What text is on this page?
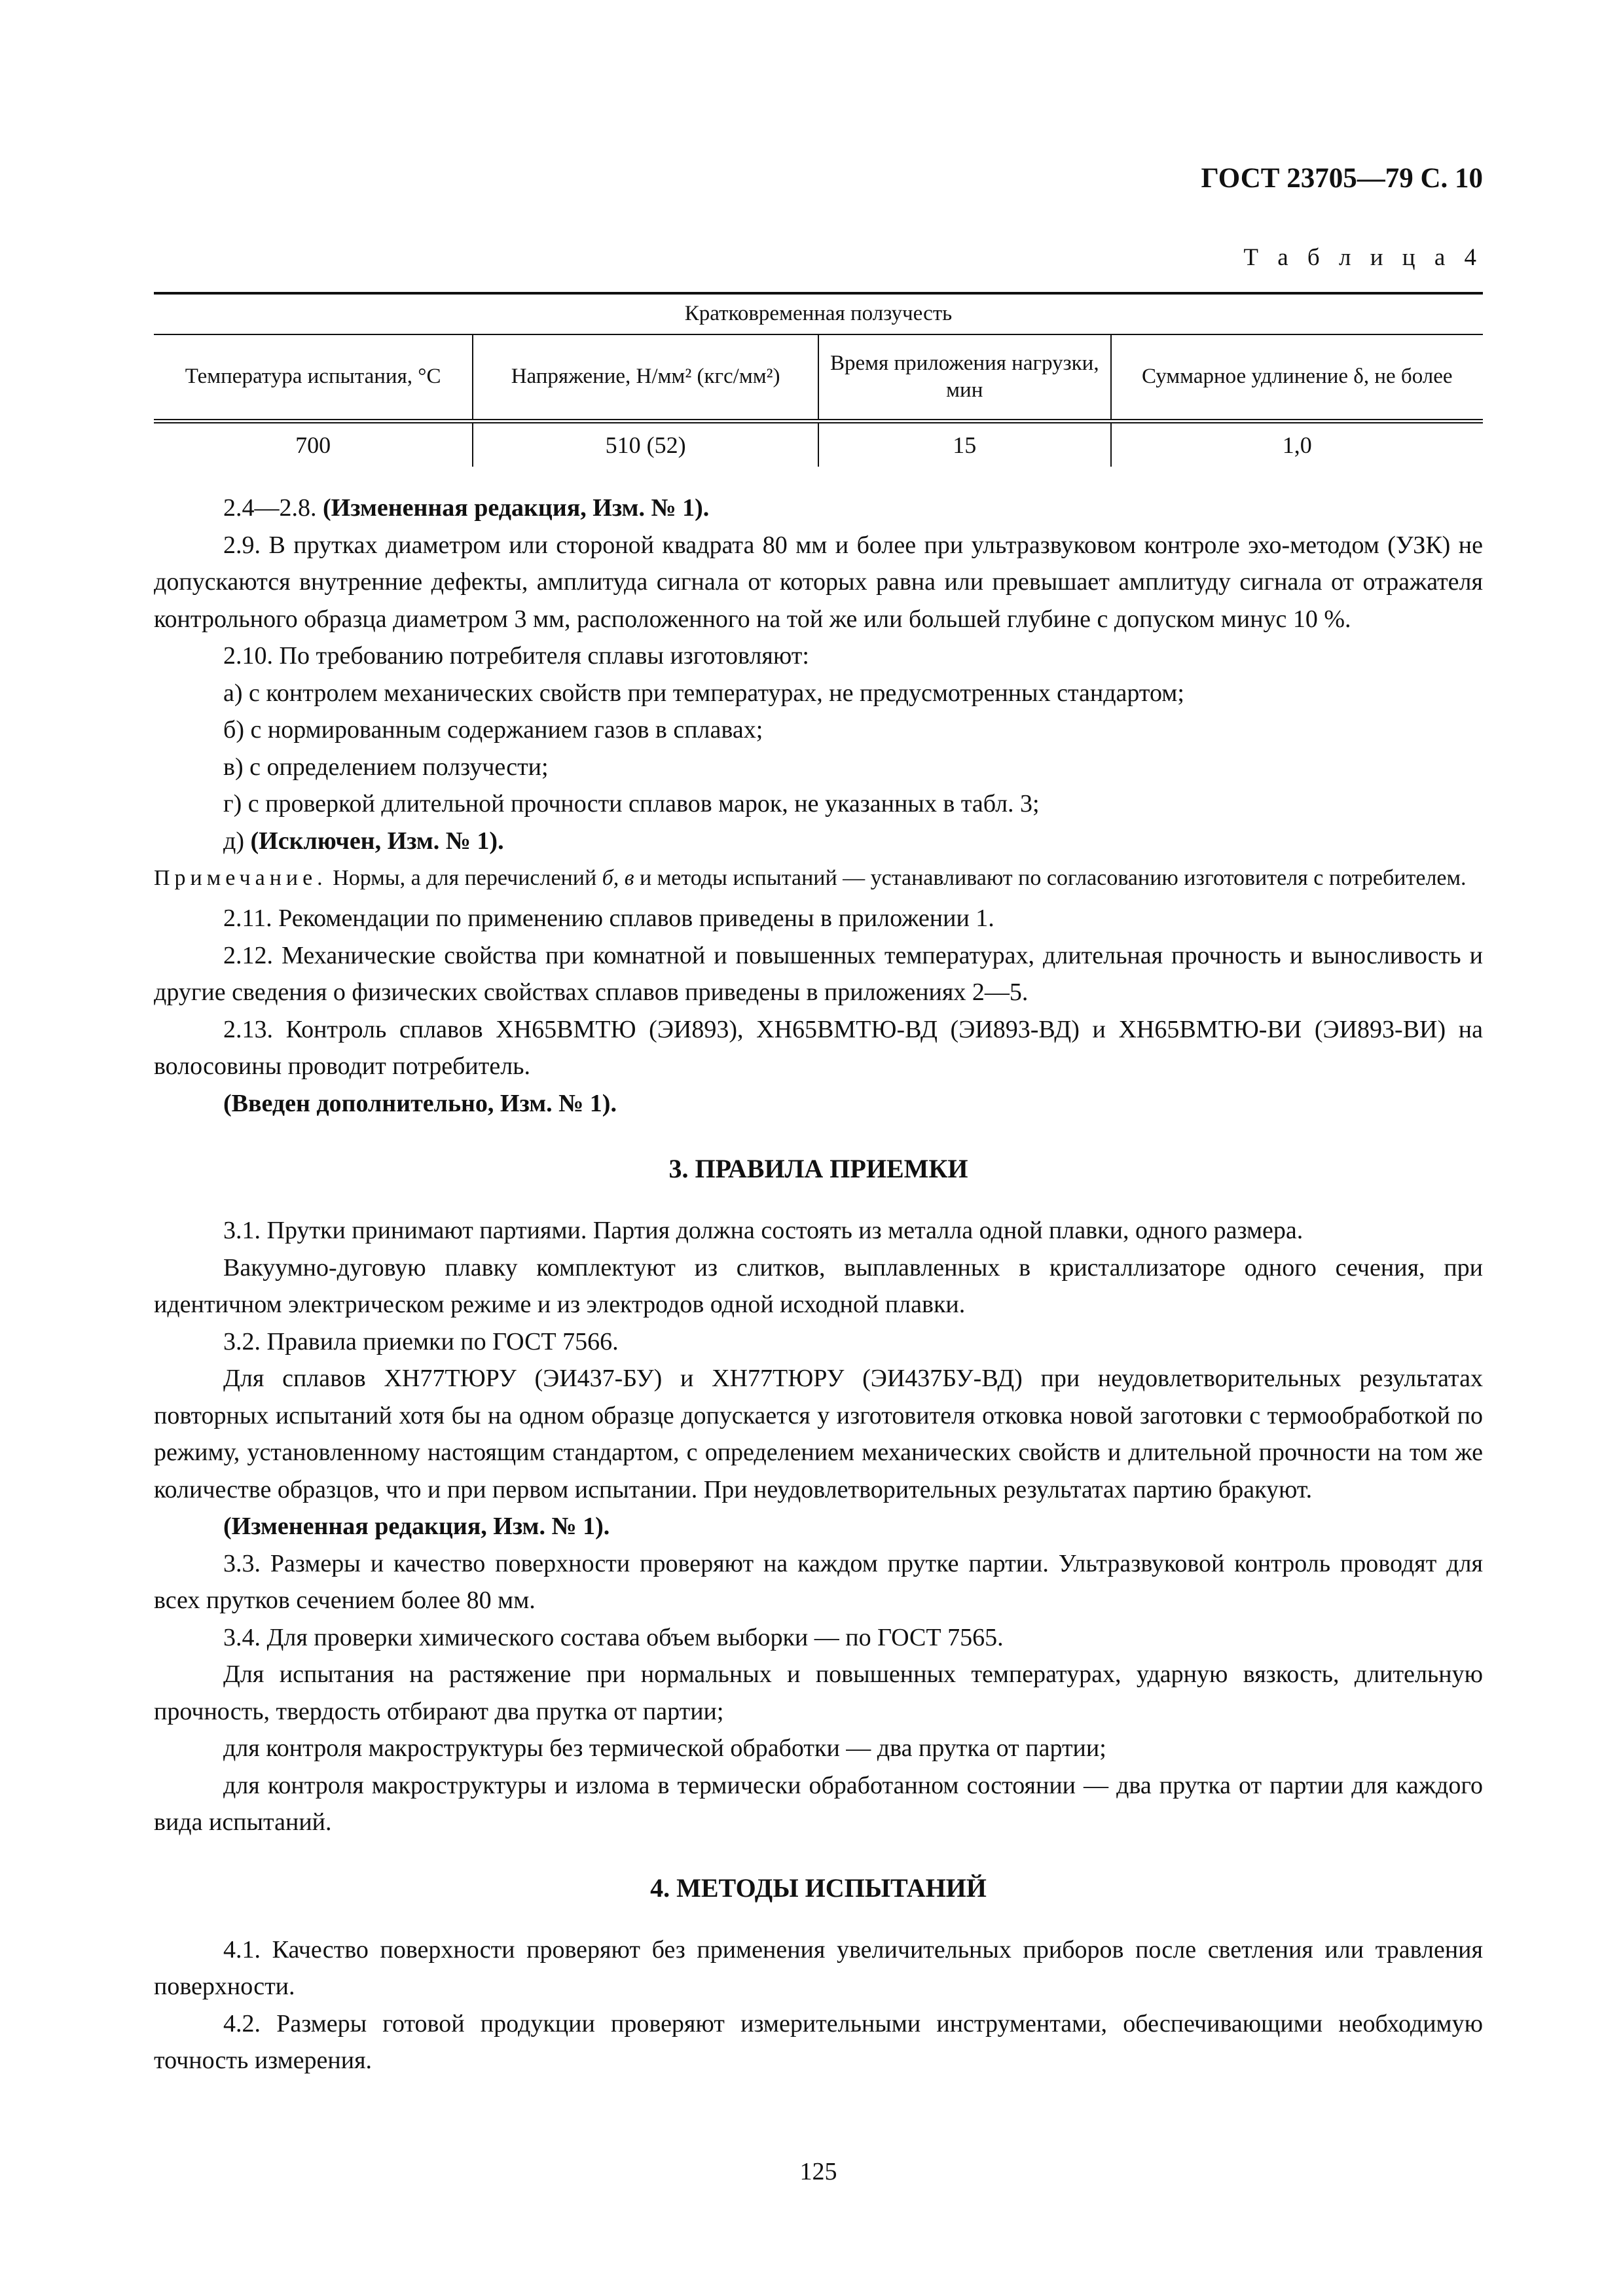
ГОСТ 23705—79 С. 10
Т а б л и ц а 4
Кратковременная ползучесть			
Температура испытания, °С	Напряжение, Н/мм² (кгс/мм²)	Время приложения нагрузки, мин	Суммарное удлинение δ, не более
700	510 (52)	15	1,0

2.4—2.8. (Измененная редакция, Изм. № 1).

2.9. В прутках диаметром или стороной квадрата 80 мм и более при ультразвуковом контроле эхо-методом (УЗК) не допускаются внутренние дефекты, амплитуда сигнала от которых равна или превышает амплитуду сигнала от отражателя контрольного образца диаметром 3 мм, расположенного на той же или большей глубине с допуском минус 10 %.

2.10. По требованию потребителя сплавы изготовляют:

а) с контролем механических свойств при температурах, не предусмотренных стандартом;

б) с нормированным содержанием газов в сплавах;

в) с определением ползучести;

г) с проверкой длительной прочности сплавов марок, не указанных в табл. 3;

д) (Исключен, Изм. № 1).

Примечание. Нормы, а для перечислений б, в и методы испытаний — устанавливают по согласованию изготовителя с потребителем.

2.11. Рекомендации по применению сплавов приведены в приложении 1.

2.12. Механические свойства при комнатной и повышенных температурах, длительная прочность и выносливость и другие сведения о физических свойствах сплавов приведены в приложениях 2—5.

2.13. Контроль сплавов ХН65ВМТЮ (ЭИ893), ХН65ВМТЮ-ВД (ЭИ893-ВД) и ХН65ВМТЮ-ВИ (ЭИ893-ВИ) на волосовины проводит потребитель.

(Введен дополнительно, Изм. № 1).

3. ПРАВИЛА ПРИЕМКИ

3.1. Прутки принимают партиями. Партия должна состоять из металла одной плавки, одного размера.

Вакуумно-дуговую плавку комплектуют из слитков, выплавленных в кристаллизаторе одного сечения, при идентичном электрическом режиме и из электродов одной исходной плавки.

3.2. Правила приемки по ГОСТ 7566.

Для сплавов ХН77ТЮРУ (ЭИ437-БУ) и ХН77ТЮРУ (ЭИ437БУ-ВД) при неудовлетворительных результатах повторных испытаний хотя бы на одном образце допускается у изготовителя отковка новой заготовки с термообработкой по режиму, установленному настоящим стандартом, с определением механических свойств и длительной прочности на том же количестве образцов, что и при первом испытании. При неудовлетворительных результатах партию бракуют.

(Измененная редакция, Изм. № 1).

3.3. Размеры и качество поверхности проверяют на каждом прутке партии. Ультразвуковой контроль проводят для всех прутков сечением более 80 мм.

3.4. Для проверки химического состава объем выборки — по ГОСТ 7565.

Для испытания на растяжение при нормальных и повышенных температурах, ударную вязкость, длительную прочность, твердость отбирают два прутка от партии;

для контроля макроструктуры без термической обработки — два прутка от партии;

для контроля макроструктуры и излома в термически обработанном состоянии — два прутка от партии для каждого вида испытаний.

4. МЕТОДЫ ИСПЫТАНИЙ

4.1. Качество поверхности проверяют без применения увеличительных приборов после светления или травления поверхности.

4.2. Размеры готовой продукции проверяют измерительными инструментами, обеспечивающими необходимую точность измерения.

125
